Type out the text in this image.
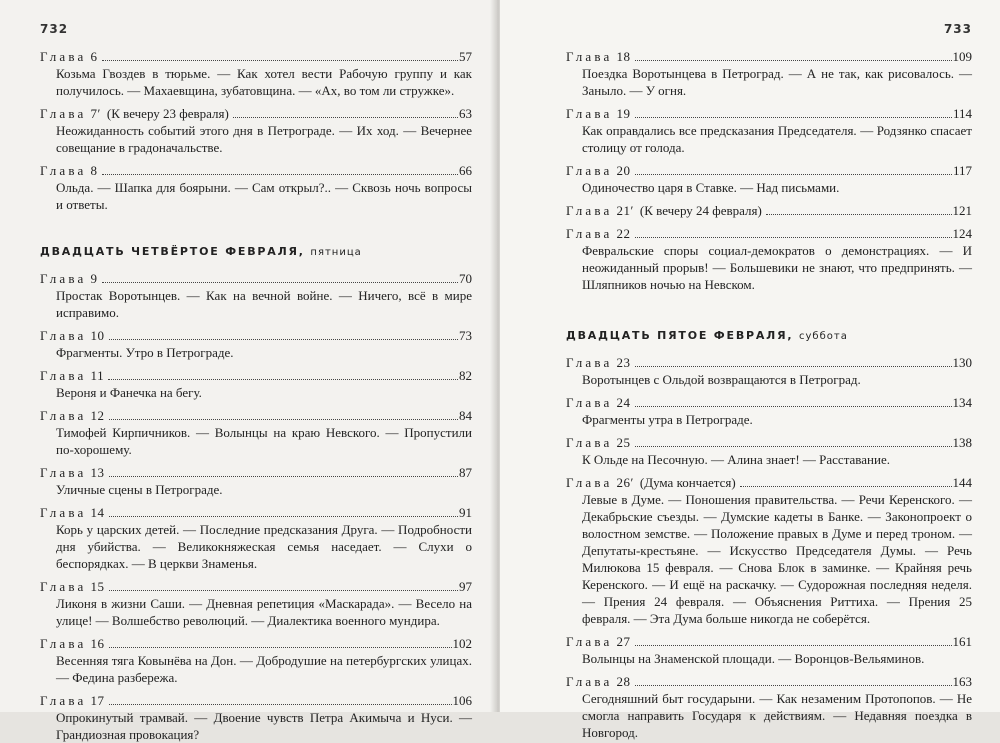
732
Глава 6	57

Козьма Гвоздев в тюрьме. — Как хотел вести Рабочую группу и как получилось. — Махаевщина, зубатовщина. — «Ах, во том ли стружке».

Глава 7′ (К вечеру 23 февраля)	63

Неожиданность событий этого дня в Петрограде. — Их ход. — Вечернее совещание в градоначальстве.

Глава 8	66

Ольда. — Шапка для боярыни. — Сам открыл?.. — Сквозь ночь вопросы и ответы.

ДВАДЦАТЬ ЧЕТВЁРТОЕ ФЕВРАЛЯ, пятница
Глава 9	70

Простак Воротынцев. — Как на вечной войне. — Ничего, всё в мире исправимо.

Глава 10	73

Фрагменты. Утро в Петрограде.

Глава 11	82

Вероня и Фанечка на бегу.

Глава 12	84

Тимофей Кирпичников. — Волынцы на краю Невского. — Пропустили по-хорошему.

Глава 13	87

Уличные сцены в Петрограде.

Глава 14	91

Корь у царских детей. — Последние предсказания Друга. — Подробности дня убийства. — Великокняжеская семья наседает. — Слухи о беспорядках. — В церкви Знаменья.

Глава 15	97

Ликоня в жизни Саши. — Дневная репетиция «Маскарада». — Весело на улице! — Волшебство революций. — Диалектика военного мундира.

Глава 16	102

Весенняя тяга Ковынёва на Дон. — Добродушие на петербургских улицах. — Федина разбережа.

Глава 17	106

Опрокинутый трамвай. — Двоение чувств Петра Акимыча и Нуси. — Грандиозная провокация?

733
Глава 18	109

Поездка Воротынцева в Петроград. — А не так, как рисовалось. — Заныло. — У огня.

Глава 19	114

Как оправдались все предсказания Председателя. — Родзянко спасает столицу от голода.

Глава 20	117

Одиночество царя в Ставке. — Над письмами.

Глава 21′ (К вечеру 24 февраля)	121
Глава 22	124

Февральские споры социал-демократов о демонстрациях. — И неожиданный прорыв! — Большевики не знают, что предпринять. — Шляпников ночью на Невском.

ДВАДЦАТЬ ПЯТОЕ ФЕВРАЛЯ, суббота
Глава 23	130

Воротынцев с Ольдой возвращаются в Петроград.

Глава 24	134

Фрагменты утра в Петрограде.

Глава 25	138

К Ольде на Песочную. — Алина знает! — Расставание.

Глава 26′ (Дума кончается)	144

Левые в Думе. — Поношения правительства. — Речи Керенского. — Декабрьские съезды. — Думские кадеты в Банке. — Законопроект о волостном земстве. — Положение правых в Думе и перед троном. — Депутаты-крестьяне. — Искусство Председателя Думы. — Речь Милюкова 15 февраля. — Снова Блок в заминке. — Крайняя речь Керенского. — И ещё на раскачку. — Судорожная последняя неделя. — Прения 24 февраля. — Объяснения Риттиха. — Прения 25 февраля. — Эта Дума больше никогда не соберётся.

Глава 27	161

Волынцы на Знаменской площади. — Воронцов-Вельяминов.

Глава 28	163

Сегодняшний быт государыни. — Как незаменим Протопопов. — Не смогла направить Государя к действиям. — Недавняя поездка в Новгород.
